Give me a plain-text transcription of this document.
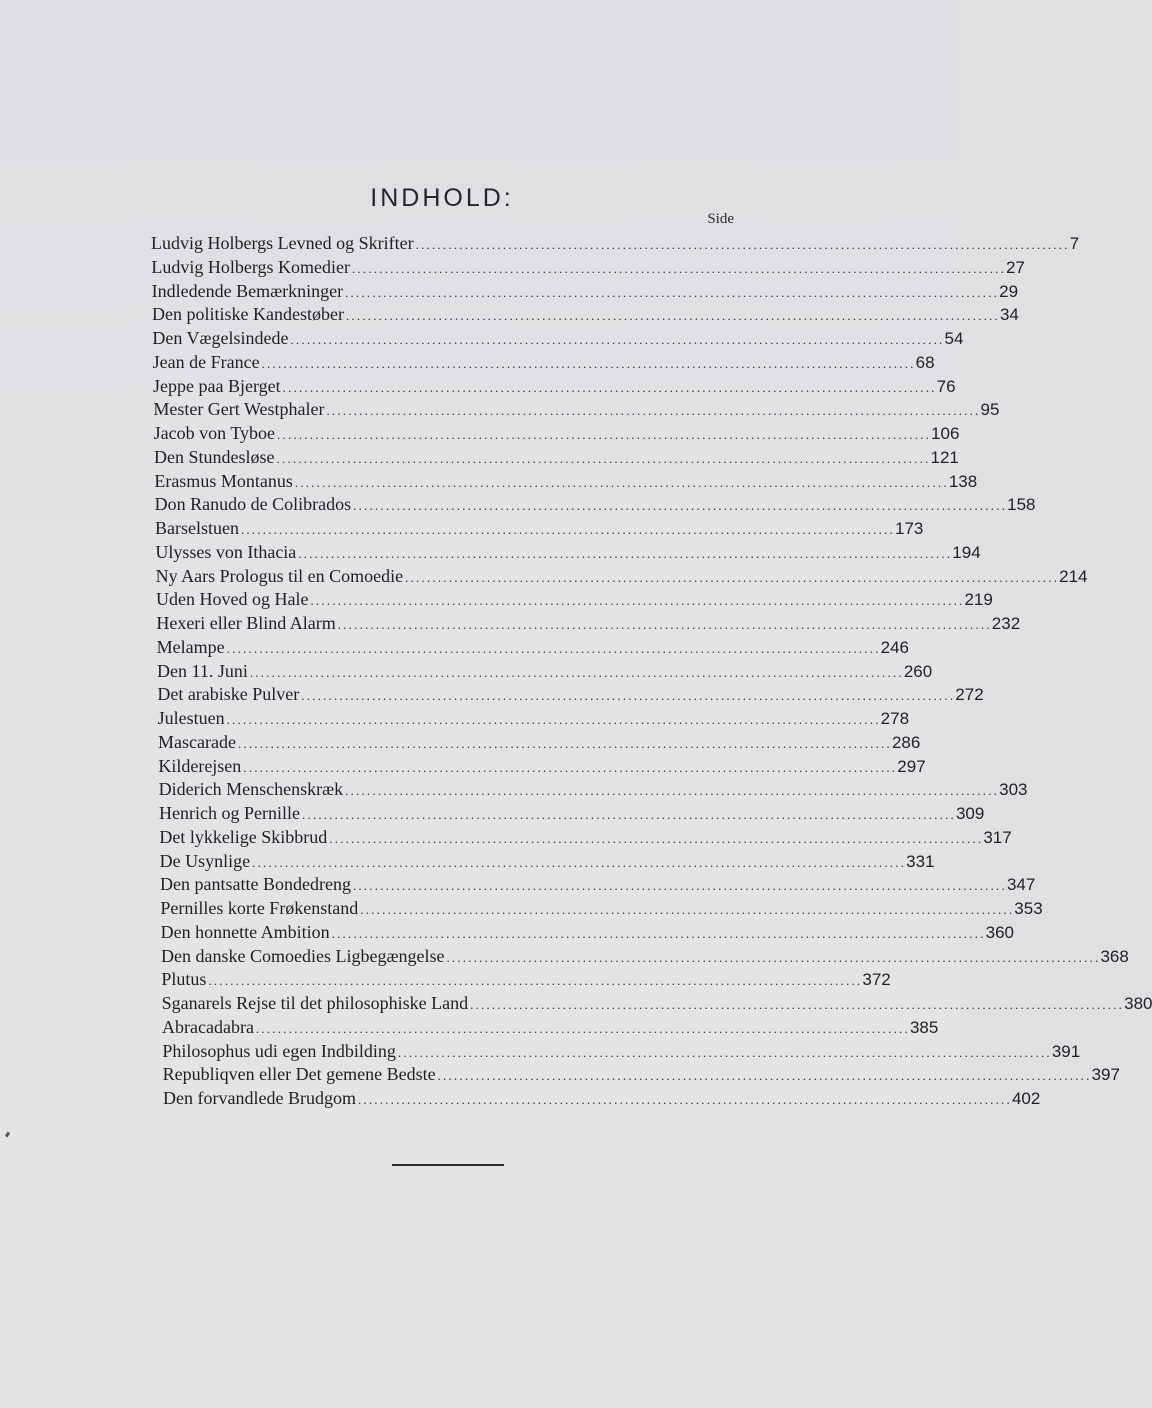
INDHOLD:
Side
Ludvig Holbergs Levned og Skrifter ........................................................................................................................ 7
Ludvig Holbergs Komedier ........................................................................................................................ 27
Indledende Bemærkninger ........................................................................................................................ 29
Den politiske Kandestøber ........................................................................................................................ 34
Den Vægelsindede ........................................................................................................................ 54
Jean de France ........................................................................................................................ 68
Jeppe paa Bjerget ........................................................................................................................ 76
Mester Gert Westphaler ........................................................................................................................ 95
Jacob von Tyboe ........................................................................................................................ 106
Den Stundesløse ........................................................................................................................ 121
Erasmus Montanus ........................................................................................................................ 138
Don Ranudo de Colibrados ........................................................................................................................ 158
Barselstuen ........................................................................................................................ 173
Ulysses von Ithacia ........................................................................................................................ 194
Ny Aars Prologus til en Comoedie ........................................................................................................................ 214
Uden Hoved og Hale ........................................................................................................................ 219
Hexeri eller Blind Alarm ........................................................................................................................ 232
Melampe ........................................................................................................................ 246
Den 11. Juni ........................................................................................................................ 260
Det arabiske Pulver ........................................................................................................................ 272
Julestuen ........................................................................................................................ 278
Mascarade ........................................................................................................................ 286
Kilderejsen ........................................................................................................................ 297
Diderich Menschenskræk ........................................................................................................................ 303
Henrich og Pernille ........................................................................................................................ 309
Det lykkelige Skibbrud ........................................................................................................................ 317
De Usynlige ........................................................................................................................ 331
Den pantsatte Bondedreng ........................................................................................................................ 347
Pernilles korte Frøkenstand ........................................................................................................................ 353
Den honnette Ambition ........................................................................................................................ 360
Den danske Comoedies Ligbegængelse ........................................................................................................................ 368
Plutus ........................................................................................................................ 372
Sganarels Rejse til det philosophiske Land ........................................................................................................................ 380
Abracadabra ........................................................................................................................ 385
Philosophus udi egen Indbilding ........................................................................................................................ 391
Republiqven eller Det gemene Bedste ........................................................................................................................ 397
Den forvandlede Brudgom ........................................................................................................................ 402
